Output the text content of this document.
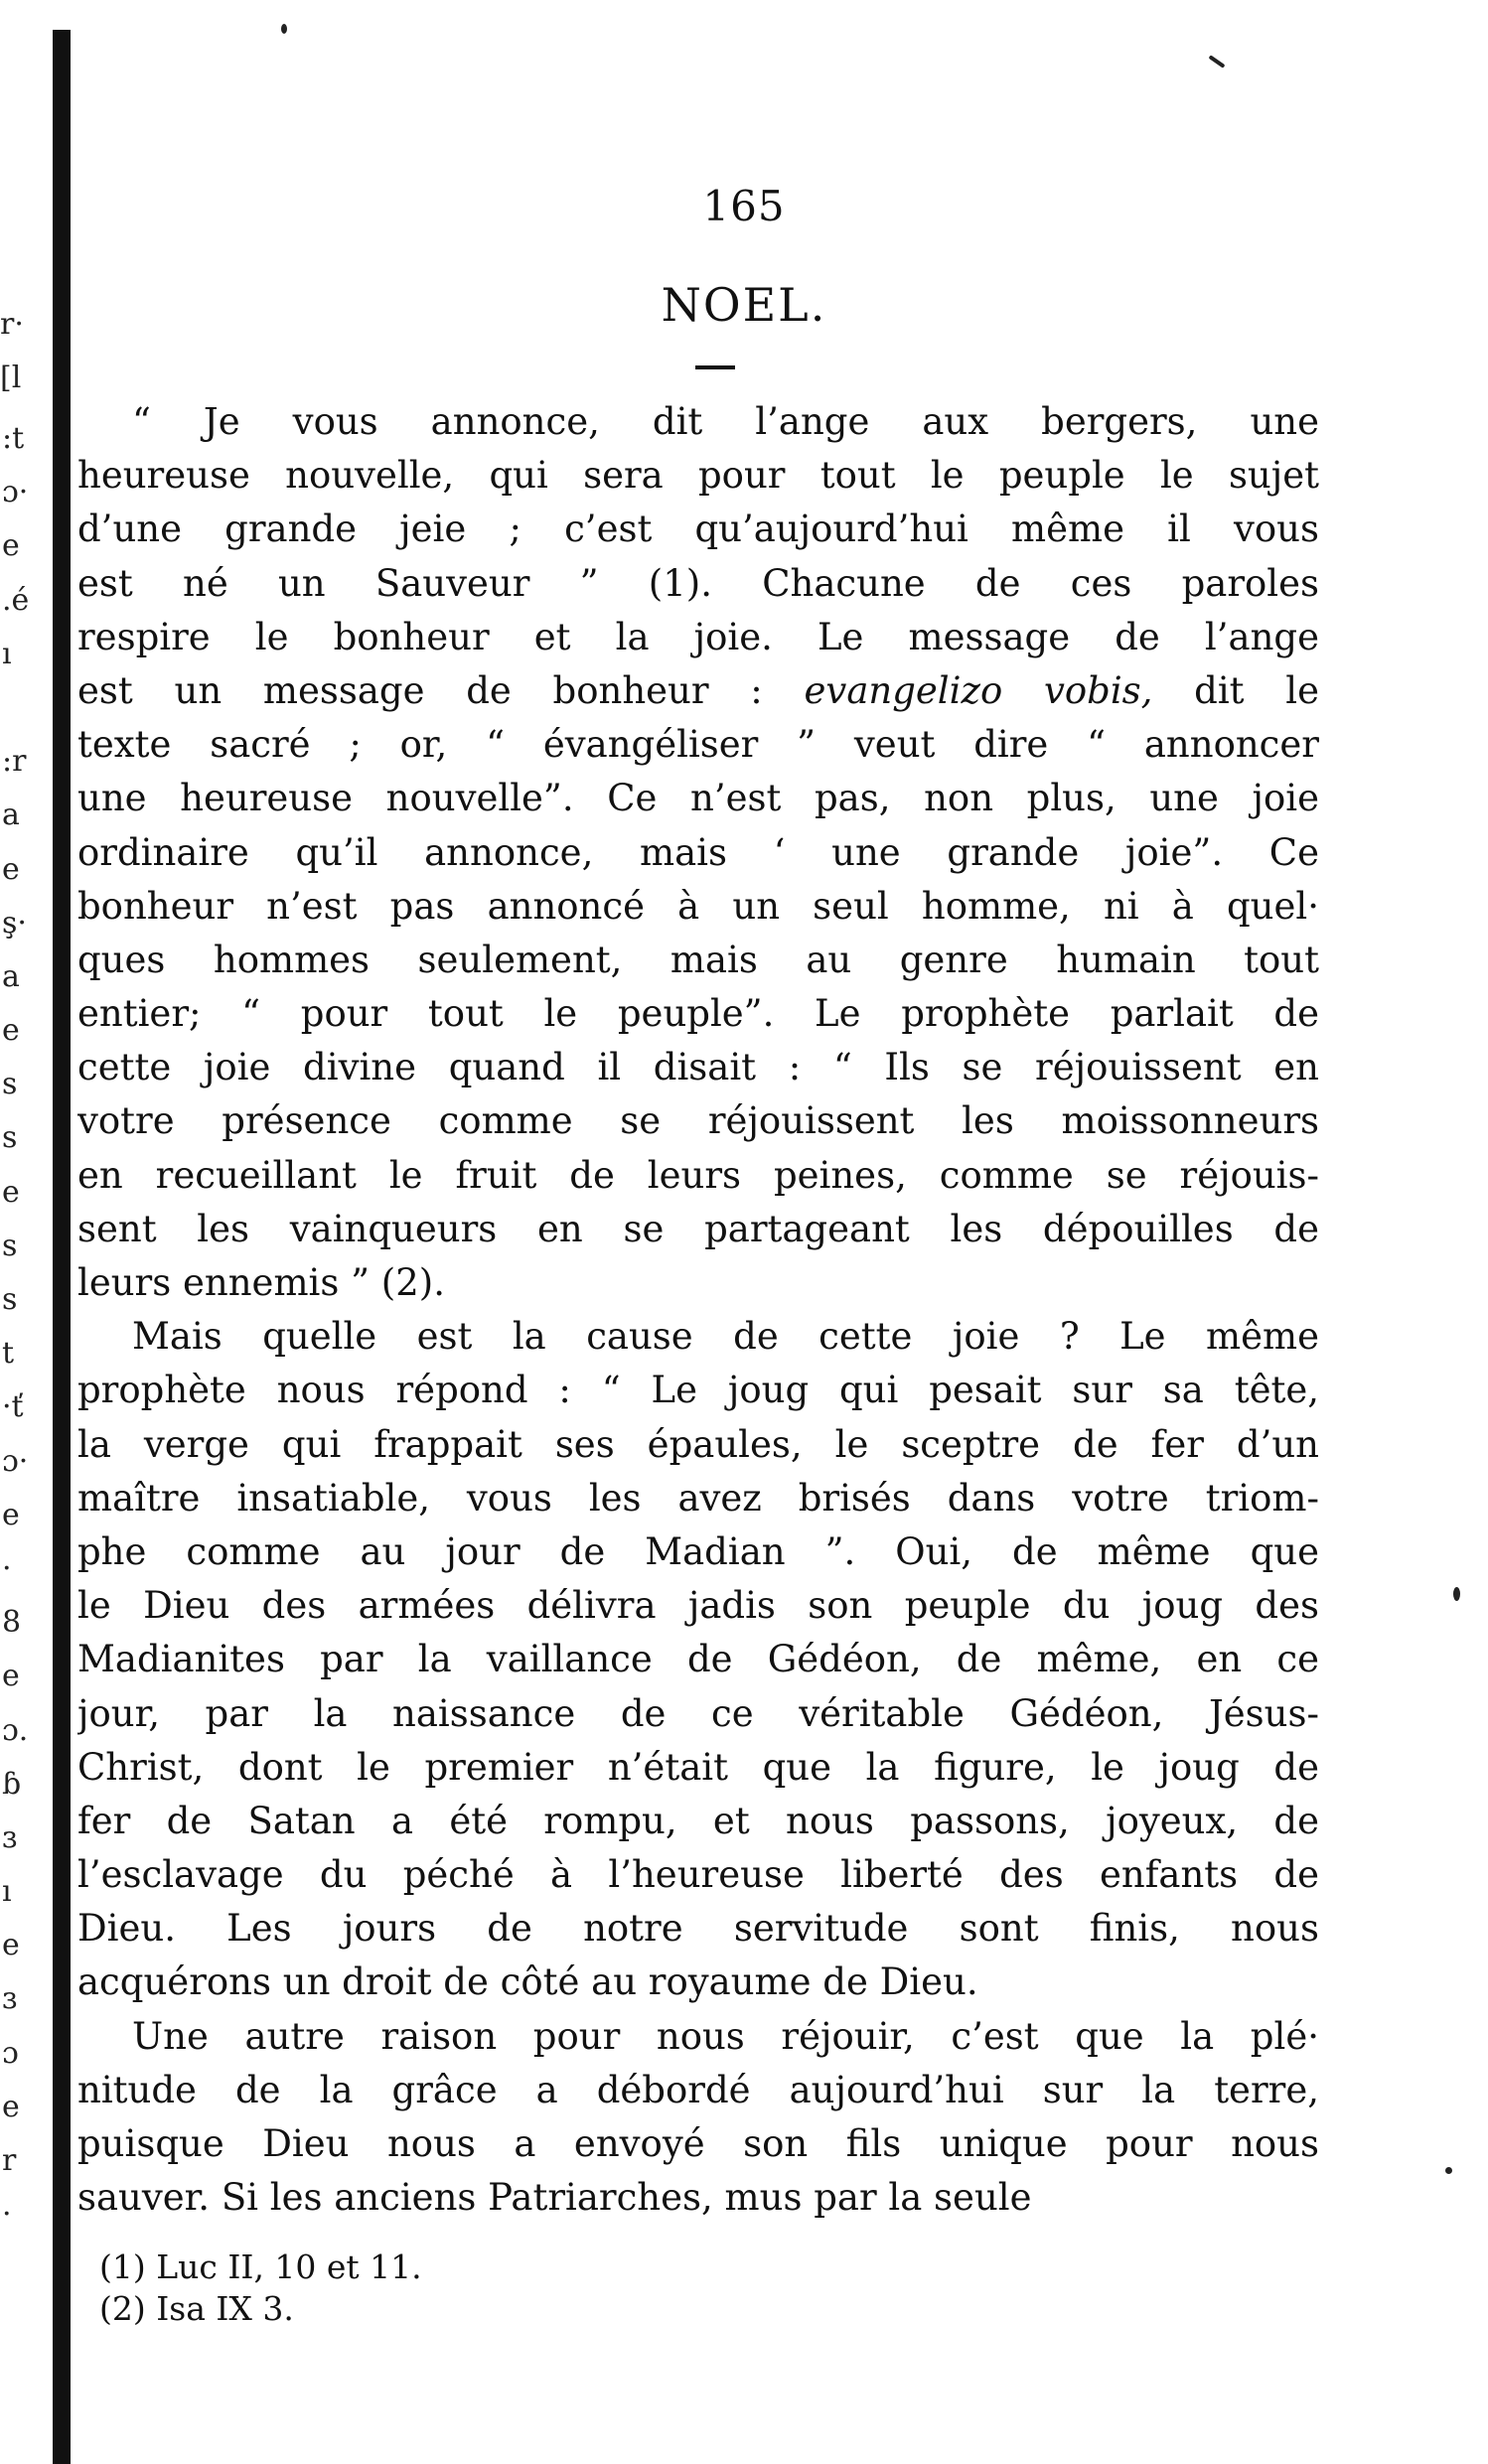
r·
[l
:t
ɔ·
e
.é
ı
:r
a
e
ş·
a
e
s
s
e
s
s
t
·ť
ɔ·
e
·
8
e
ɔ.
ɓ
ɜ
ı
e
ɜ
ɔ
e
r
·
165
NOEL.
“ Je vous annonce, dit l’ange aux bergers, une
heureuse nouvelle, qui sera pour tout le peuple le sujet
d’une grande jeie ; c’est qu’aujourd’hui même il vous
est né un Sauveur ” (1). Chacune de ces paroles
respire le bonheur et la joie. Le message de l’ange
est un message de bonheur : evangelizo vobis, dit le
texte sacré ; or, “ évangéliser ” veut dire “ annoncer
une heureuse nouvelle”. Ce n’est pas, non plus, une joie
ordinaire qu’il annonce, mais ‘ une grande joie”. Ce
bonheur n’est pas annoncé à un seul homme, ni à quel·
ques hommes seulement, mais au genre humain tout
entier; “ pour tout le peuple”. Le prophète parlait de
cette joie divine quand il disait : “ Ils se réjouissent en
votre présence comme se réjouissent les moissonneurs
en recueillant le fruit de leurs peines, comme se réjouis-
sent les vainqueurs en se partageant les dépouilles de
leurs ennemis ” (2).
Mais quelle est la cause de cette joie ? Le même
prophète nous répond : “ Le joug qui pesait sur sa tête,
la verge qui frappait ses épaules, le sceptre de fer d’un
maître insatiable, vous les avez brisés dans votre triom-
phe comme au jour de Madian ”. Oui, de même que
le Dieu des armées délivra jadis son peuple du joug des
Madianites par la vaillance de Gédéon, de même, en ce
jour, par la naissance de ce véritable Gédéon, Jésus-
Christ, dont le premier n’était que la figure, le joug de
fer de Satan a été rompu, et nous passons, joyeux, de
l’esclavage du péché à l’heureuse liberté des enfants de
Dieu. Les jours de notre servitude sont finis, nous
acquérons un droit de côté au royaume de Dieu.
Une autre raison pour nous réjouir, c’est que la plé·
nitude de la grâce a débordé aujourd’hui sur la terre,
puisque Dieu nous a envoyé son fils unique pour nous
sauver. Si les anciens Patriarches, mus par la seule
(1) Luc II, 10 et 11.
(2) Isa IX 3.
